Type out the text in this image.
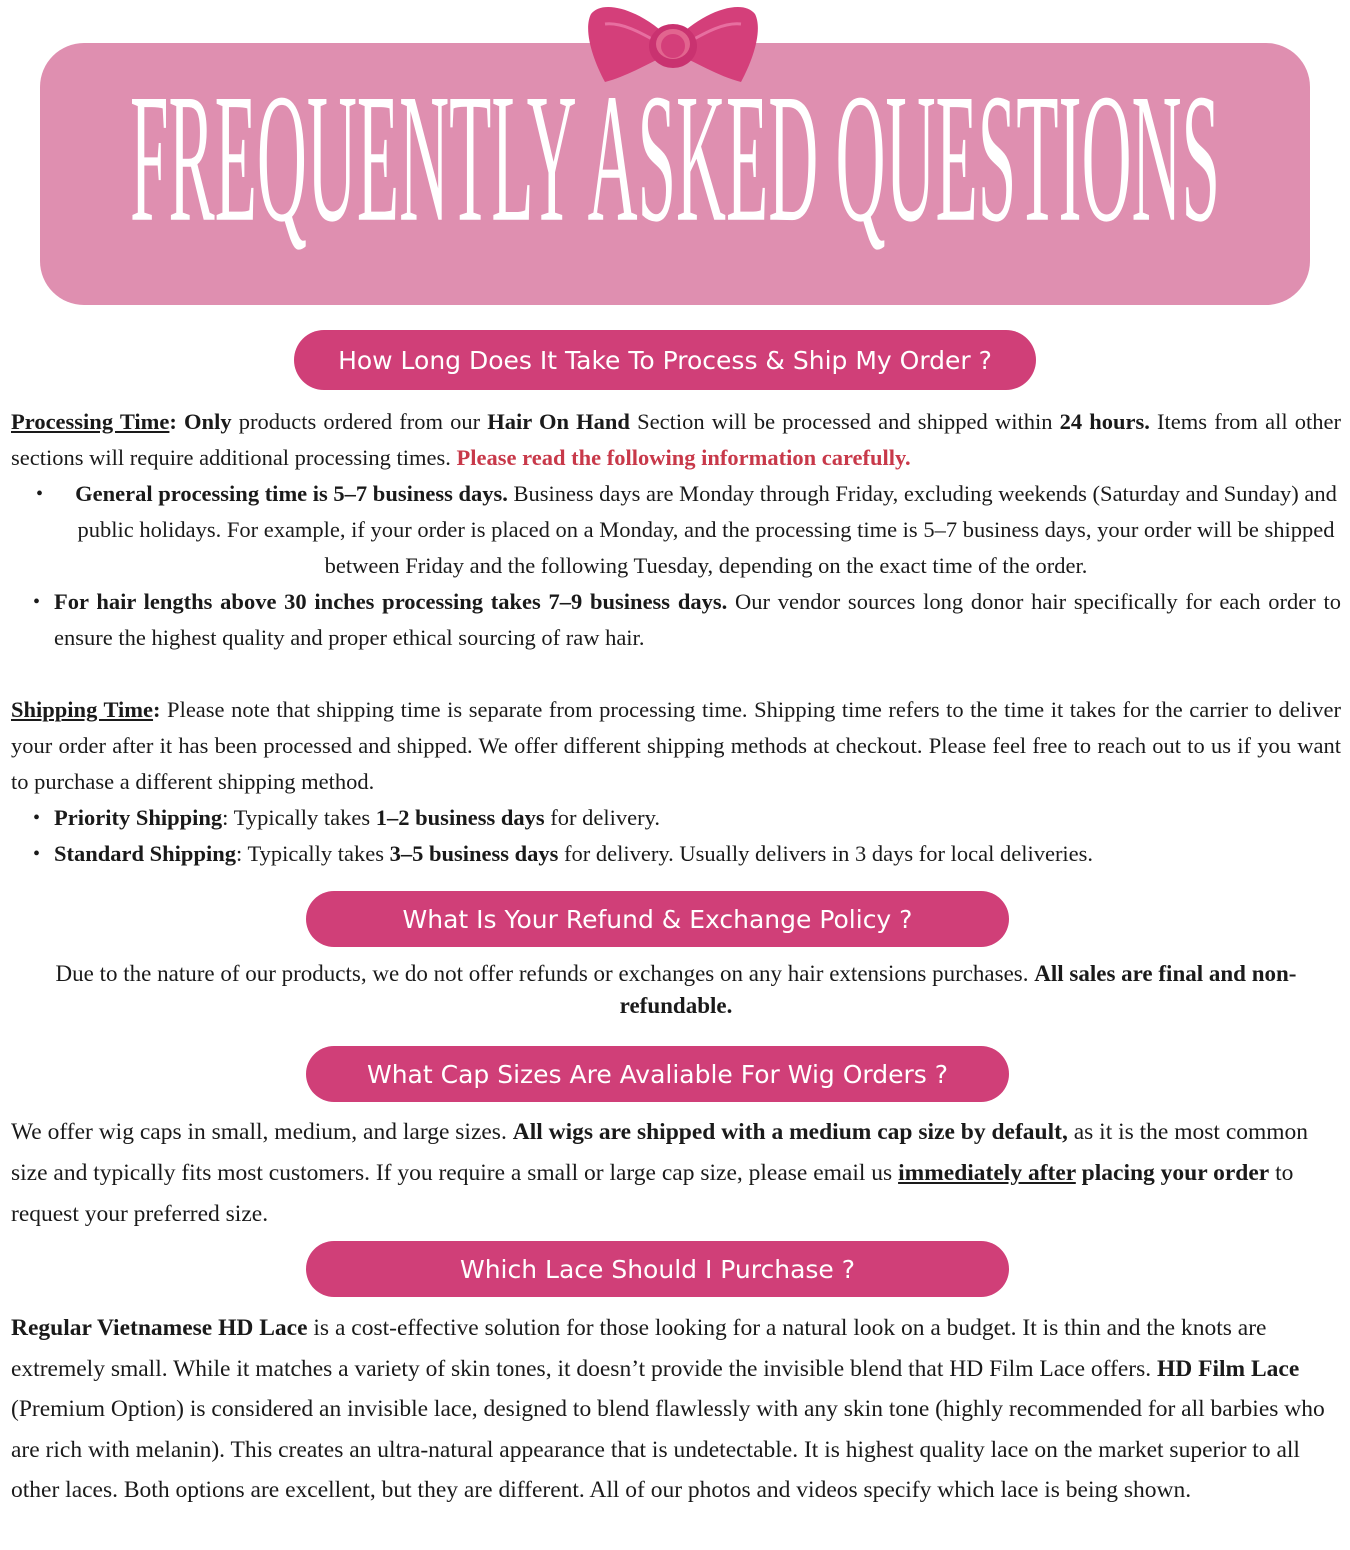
FREQUENTLY ASKED QUESTIONS
How Long Does It Take To Process & Ship My Order ?

Processing Time: Only products ordered from our Hair On Hand Section will be processed and shipped within 24 hours. Items from all other sections will require additional processing times. Please read the following information carefully.

• General processing time is 5–7 business days. Business days are Monday through Friday, excluding weekends (Saturday and Sunday) and public holidays. For example, if your order is placed on a Monday, and the processing time is 5–7 business days, your order will be shipped between Friday and the following Tuesday, depending on the exact time of the order.
• For hair lengths above 30 inches processing takes 7–9 business days. Our vendor sources long donor hair specifically for each order to ensure the highest quality and proper ethical sourcing of raw hair.

Shipping Time: Please note that shipping time is separate from processing time. Shipping time refers to the time it takes for the carrier to deliver your order after it has been processed and shipped. We offer different shipping methods at checkout. Please feel free to reach out to us if you want to purchase a different shipping method.

• Priority Shipping: Typically takes 1–2 business days for delivery.
• Standard Shipping: Typically takes 3–5 business days for delivery. Usually delivers in 3 days for local deliveries.
What Is Your Refund & Exchange Policy ?

Due to the nature of our products, we do not offer refunds or exchanges on any hair extensions purchases. All sales are final and non-refundable.

What Cap Sizes Are Avaliable For Wig Orders ?

We offer wig caps in small, medium, and large sizes. All wigs are shipped with a medium cap size by default, as it is the most common size and typically fits most customers. If you require a small or large cap size, please email us immediately after placing your order to request your preferred size.

Which Lace Should I Purchase ?

Regular Vietnamese HD Lace is a cost-effective solution for those looking for a natural look on a budget. It is thin and the knots are extremely small. While it matches a variety of skin tones, it doesn’t provide the invisible blend that HD Film Lace offers. HD Film Lace (Premium Option) is considered an invisible lace, designed to blend flawlessly with any skin tone (highly recommended for all barbies who are rich with melanin). This creates an ultra-natural appearance that is undetectable. It is highest quality lace on the market superior to all other laces. Both options are excellent, but they are different. All of our photos and videos specify which lace is being shown.
